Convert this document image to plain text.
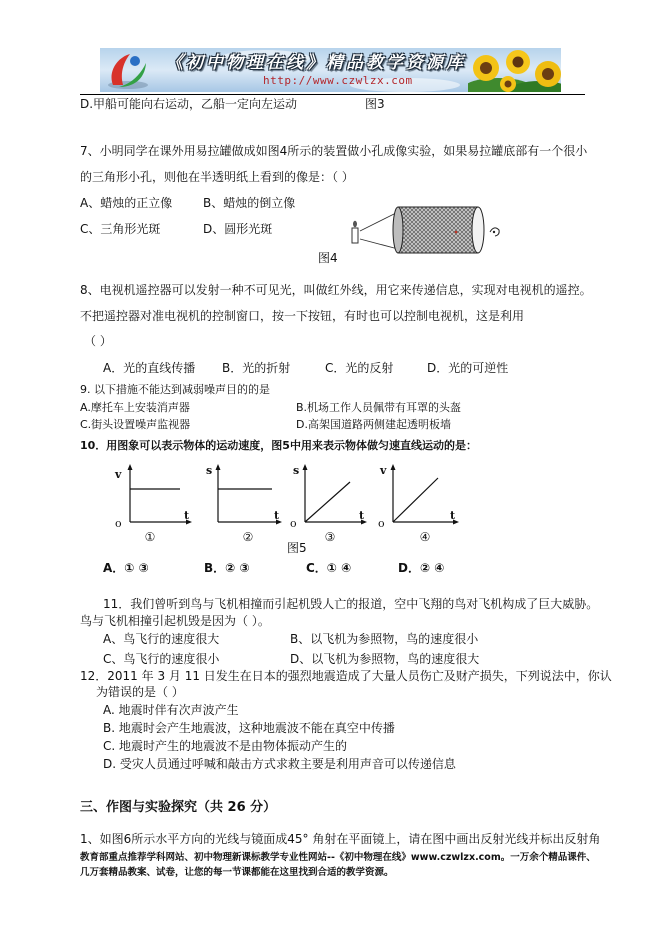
《初中物理在线》精品教学资源库
http://www.czwlzx.com
D.甲船可能向右运动，乙船一定向左运动	图3
7、小明同学在课外用易拉罐做成如图4所示的装置做小孔成像实验，如果易拉罐底部有一个很小
的三角形小孔，则他在半透明纸上看到的像是：（ ）
A、蜡烛的正立像	B、蜡烛的倒立像
C、三角形光斑	D、圆形光斑
图4
8、电视机遥控器可以发射一种不可见光，叫做红外线，用它来传递信息，实现对电视机的遥控。
不把遥控器对准电视机的控制窗口，按一下按钮，有时也可以控制电视机，这是利用
（ ）
A．光的直线传播 B．光的折射	C．光的反射	D．光的可逆性
9. 以下措施不能达到减弱噪声目的的是
A.摩托车上安装消声器	B.机场工作人员佩带有耳罩的头盔
C.街头设置噪声监视器	D.高架国道路两侧建起透明板墙
10．用图象可以表示物体的运动速度，图5中用来表示物体做匀速直线运动的是：
v
o
t
s
t
s
o
t
v
o
t
①	②	③	④
图5
A．① ③	B．② ③	C．① ④	D．② ④
11．我们曾听到鸟与飞机相撞而引起机毁人亡的报道，空中飞翔的鸟对飞机构成了巨大威胁。
鸟与飞机相撞引起机毁是因为（ ）。
A、鸟飞行的速度很大	B、以飞机为参照物，鸟的速度很小
C、鸟飞行的速度很小	D、以飞机为参照物，鸟的速度很大
12．2011 年 3 月 11 日发生在日本的强烈地震造成了大量人员伤亡及财产损失，下列说法中，你认
为错误的是（ ）
A. 地震时伴有次声波产生
B. 地震时会产生地震波，这种地震波不能在真空中传播
C. 地震时产生的地震波不是由物体振动产生的
D. 受灾人员通过呼喊和敲击方式求救主要是利用声音可以传递信息
三、作图与实验探究（共 26 分）
1、如图6所示水平方向的光线与镜面成45° 角射在平面镜上，请在图中画出反射光线并标出反射角
教育部重点推荐学科网站、初中物理新课标教学专业性网站--《初中物理在线》www.czwlzx.com。一万余个精品课件、
几万套精品教案、试卷，让您的每一节课都能在这里找到合适的教学资源。
